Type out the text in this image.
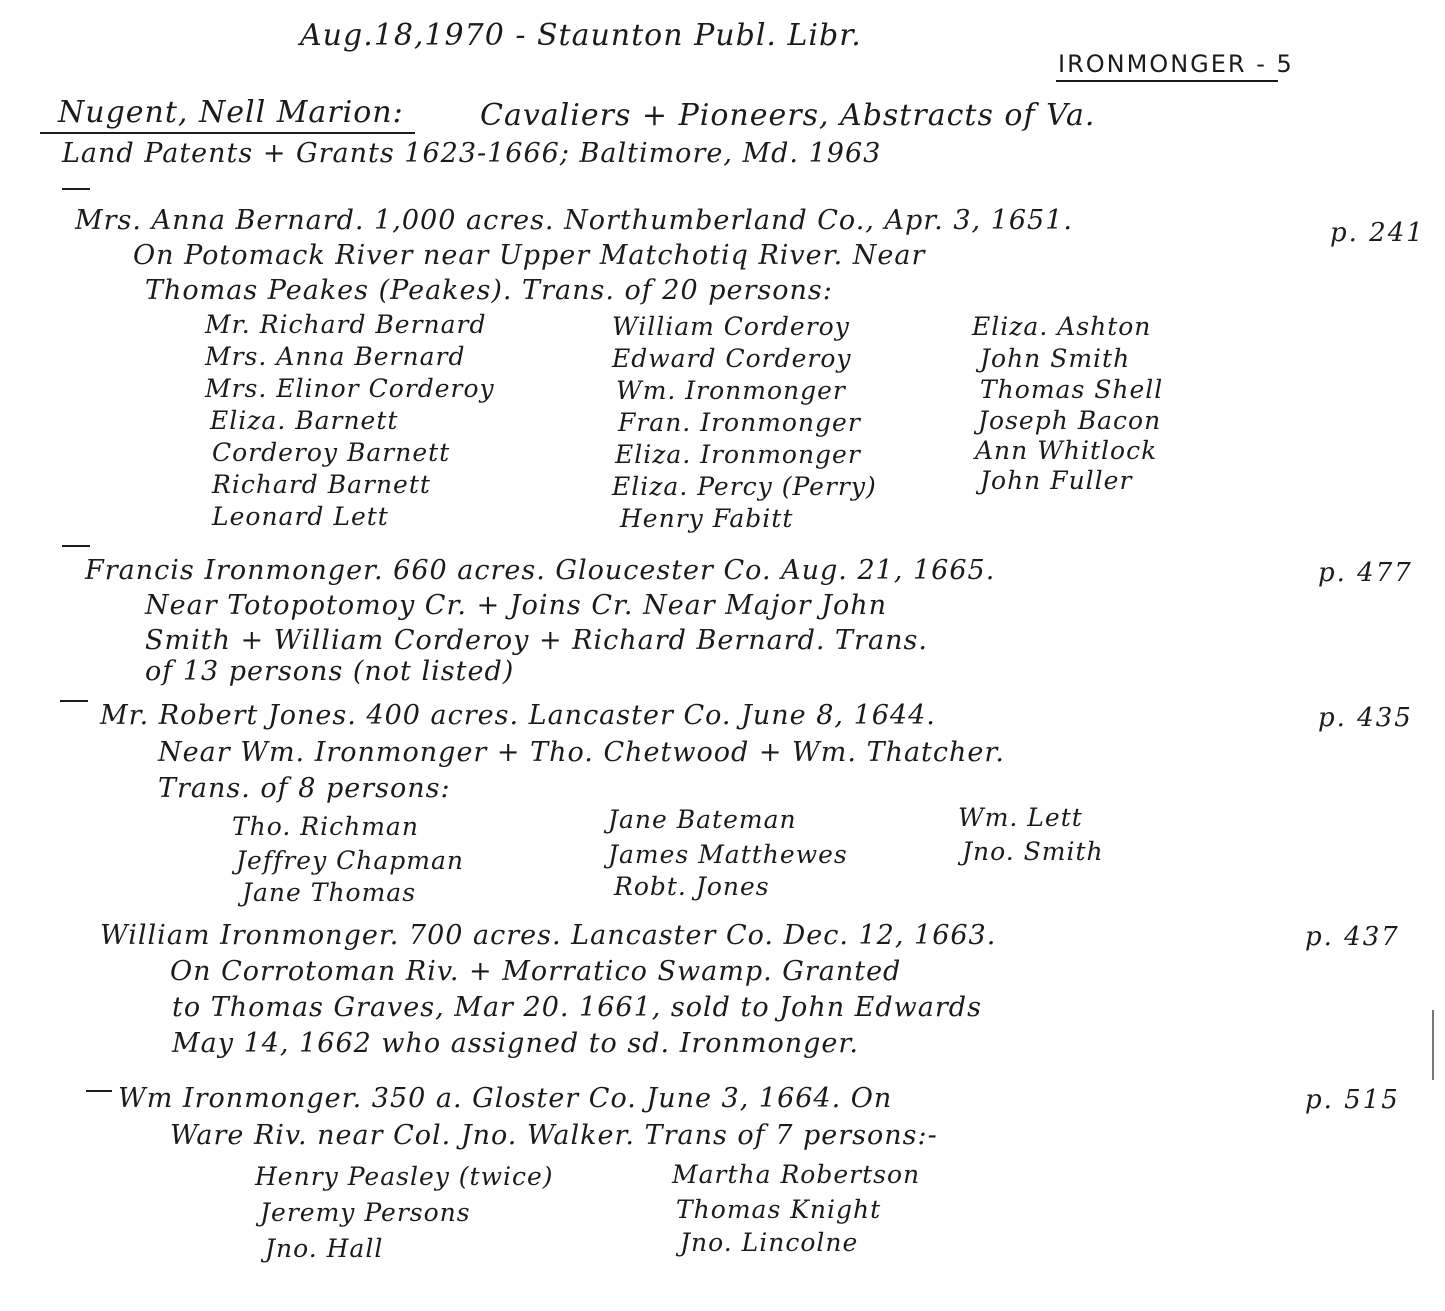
Aug.18,1970 - Staunton Publ. Libr.
IRONMONGER - 5
Nugent, Nell Marion:	Cavaliers + Pioneers, Abstracts of Va.
Land Patents + Grants 1623-1666; Baltimore, Md. 1963
Mrs. Anna Bernard. 1,000 acres. Northumberland Co., Apr. 3, 1651.
On Potomack River near Upper Matchotiq River. Near
Thomas Peakes (Peakes). Trans. of 20 persons:
p. 241
Mr. Richard Bernard
Mrs. Anna Bernard
Mrs. Elinor Corderoy
Eliza. Barnett
Corderoy Barnett
Richard Barnett
Leonard Lett
William Corderoy
Edward Corderoy
Wm. Ironmonger
Fran. Ironmonger
Eliza. Ironmonger
Eliza. Percy (Perry)
Henry Fabitt
Eliza. Ashton
John Smith
Thomas Shell
Joseph Bacon
Ann Whitlock
John Fuller
Francis Ironmonger. 660 acres. Gloucester Co. Aug. 21, 1665.
Near Totopotomoy Cr. + Joins Cr. Near Major John
Smith + William Corderoy + Richard Bernard. Trans.
of 13 persons (not listed)
p. 477
Mr. Robert Jones. 400 acres. Lancaster Co. June 8, 1644.
Near Wm. Ironmonger + Tho. Chetwood + Wm. Thatcher.
Trans. of 8 persons:
p. 435
Tho. Richman
Jeffrey Chapman
Jane Thomas
Jane Bateman
James Matthewes
Robt. Jones
Wm. Lett
Jno. Smith
William Ironmonger. 700 acres. Lancaster Co. Dec. 12, 1663.
On Corrotoman Riv. + Morratico Swamp. Granted
to Thomas Graves, Mar 20. 1661, sold to John Edwards
May 14, 1662 who assigned to sd. Ironmonger.
p. 437
Wm Ironmonger. 350 a. Gloster Co. June 3, 1664. On
Ware Riv. near Col. Jno. Walker. Trans of 7 persons:-
p. 515
Henry Peasley (twice)
Jeremy Persons
Jno. Hall
Martha Robertson
Thomas Knight
Jno. Lincolne
